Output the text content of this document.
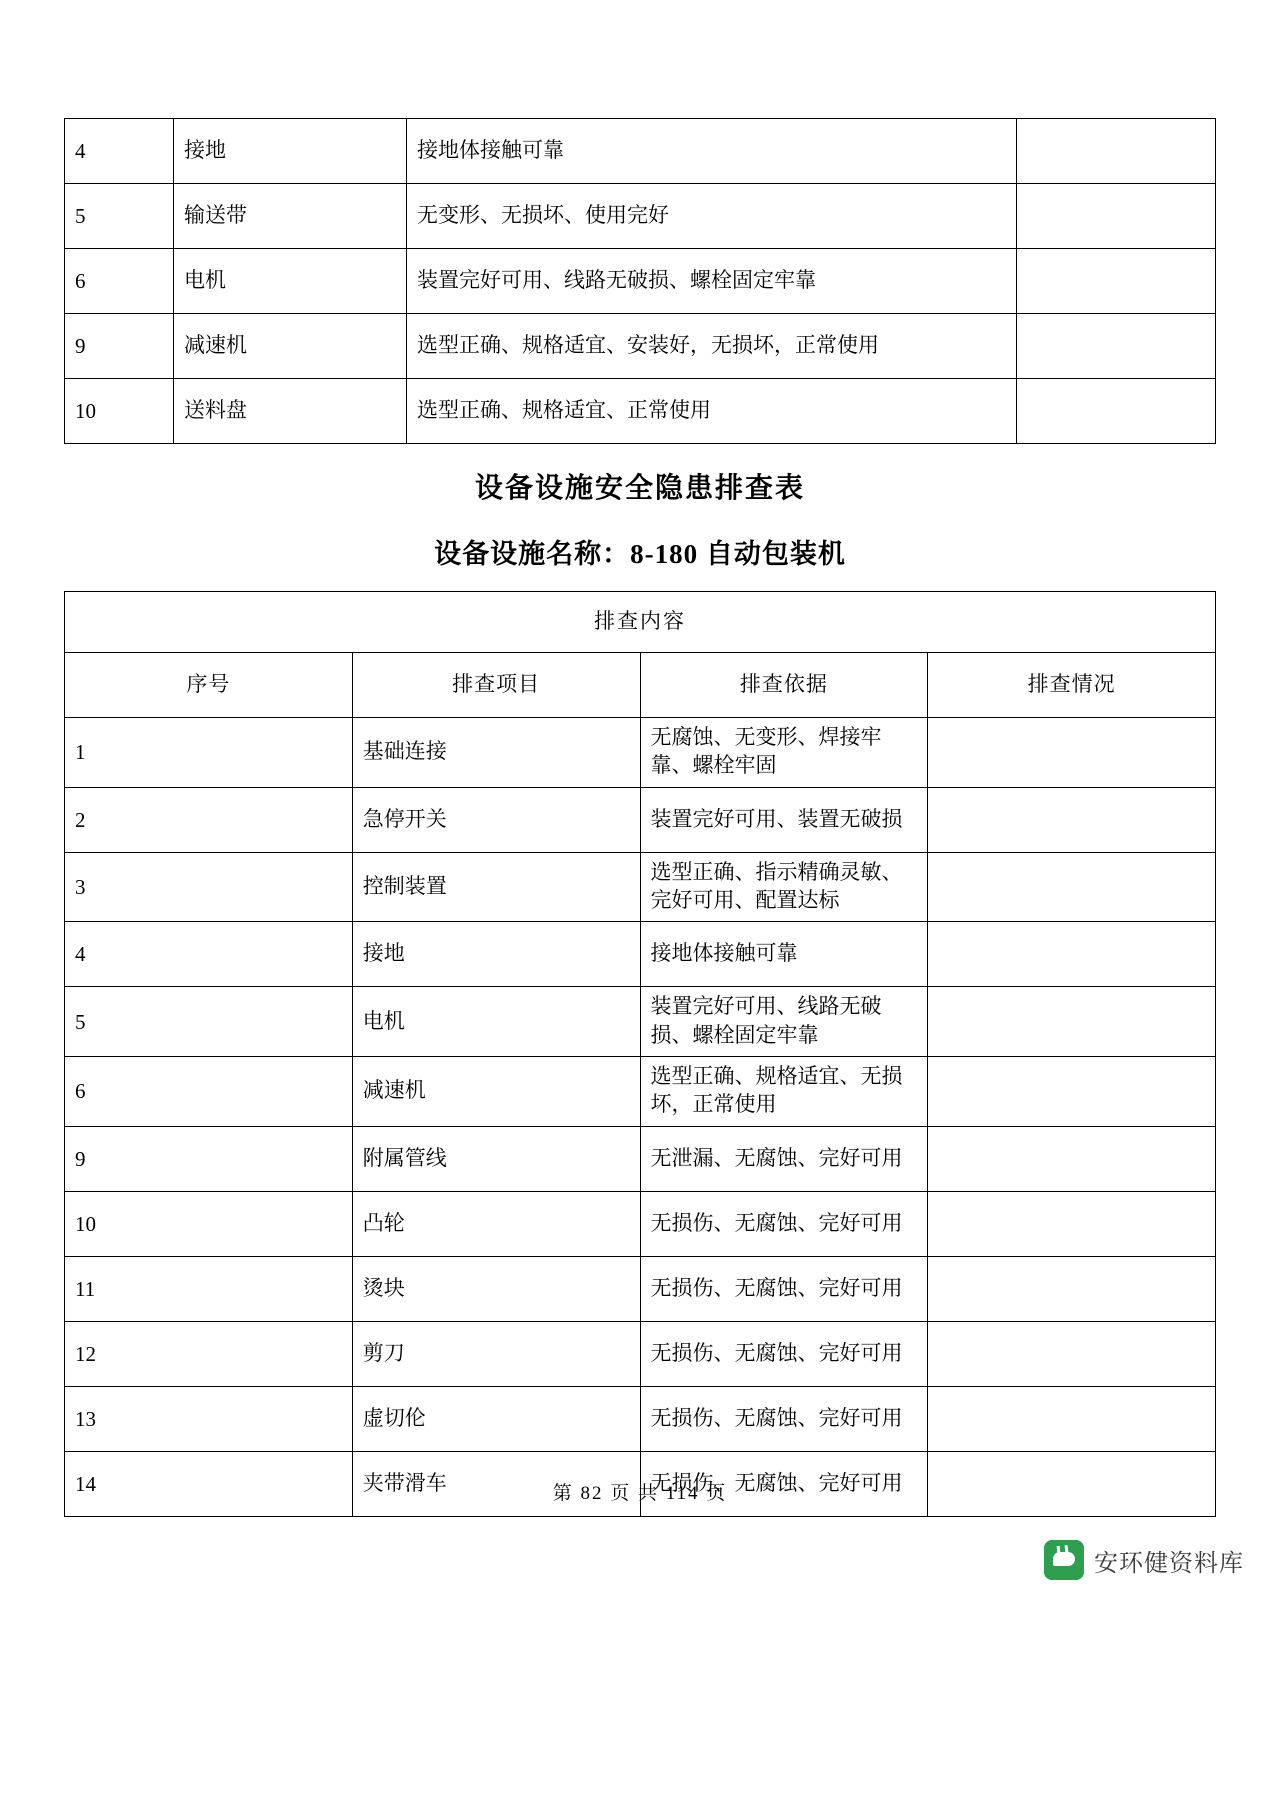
4	接地	接地体接触可靠	
5	输送带	无变形、无损坏、使用完好	
6	电机	装置完好可用、线路无破损、螺栓固定牢靠	
9	减速机	选型正确、规格适宜、安装好，无损坏，正常使用	
10	送料盘	选型正确、规格适宜、正常使用	
设备设施安全隐患排查表
设备设施名称：8-180 自动包装机
排查内容			
序号	排查项目	排查依据	排查情况
1	基础连接	无腐蚀、无变形、焊接牢靠、螺栓牢固	
2	急停开关	装置完好可用、装置无破损	
3	控制装置	选型正确、指示精确灵敏、完好可用、配置达标	
4	接地	接地体接触可靠	
5	电机	装置完好可用、线路无破损、螺栓固定牢靠	
6	减速机	选型正确、规格适宜、无损坏，正常使用	
9	附属管线	无泄漏、无腐蚀、完好可用	
10	凸轮	无损伤、无腐蚀、完好可用	
11	烫块	无损伤、无腐蚀、完好可用	
12	剪刀	无损伤、无腐蚀、完好可用	
13	虚切伦	无损伤、无腐蚀、完好可用	
14	夹带滑车	无损伤、无腐蚀、完好可用	
第 82 页 共 114 页
安环健资料库
